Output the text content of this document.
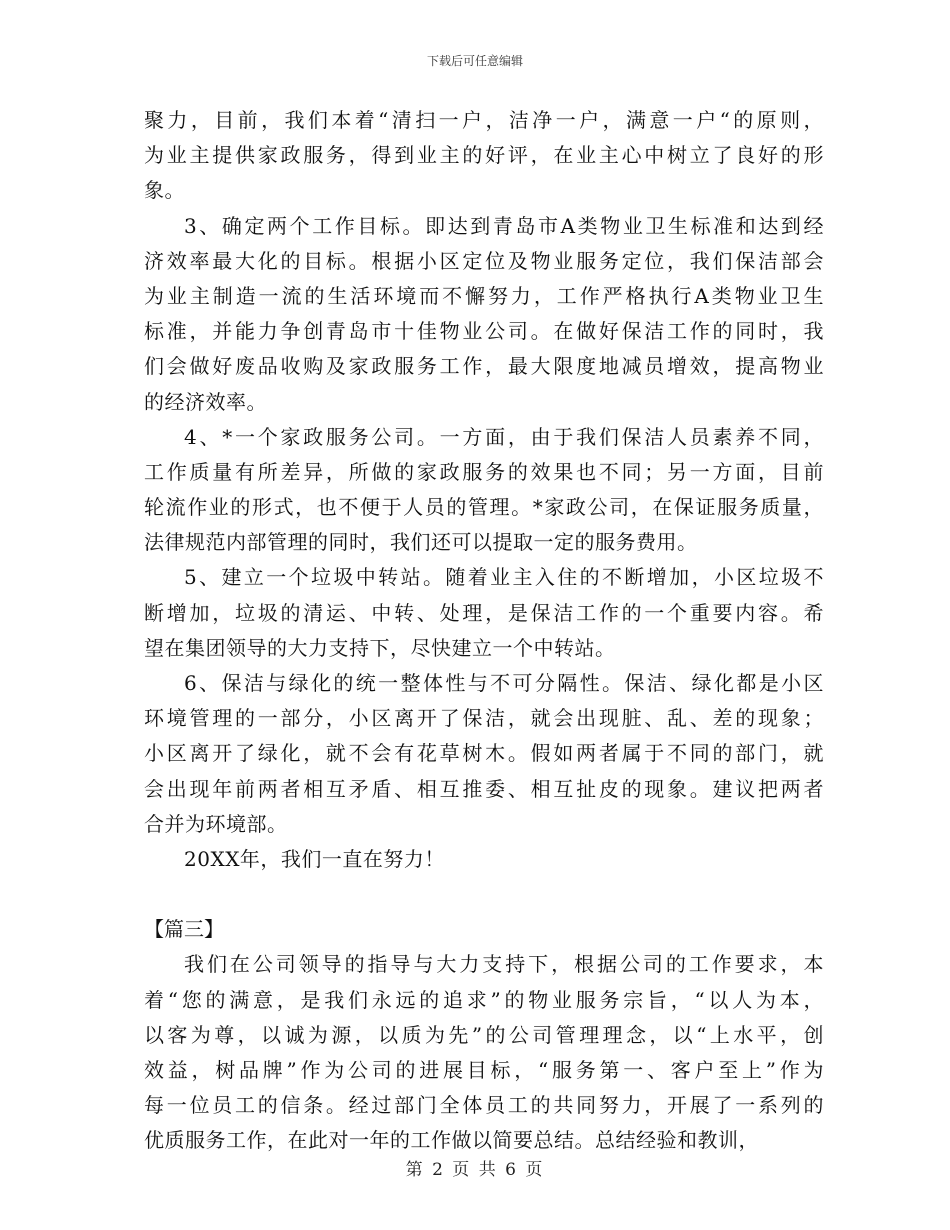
下载后可任意编辑
聚力，目前，我们本着“清扫一户，洁净一户，满意一户“的原则，
为业主提供家政服务，得到业主的好评，在业主心中树立了良好的形
象。
3、确定两个工作目标。即达到青岛市A类物业卫生标准和达到经
济效率最大化的目标。根据小区定位及物业服务定位，我们保洁部会
为业主制造一流的生活环境而不懈努力，工作严格执行A类物业卫生
标准，并能力争创青岛市十佳物业公司。在做好保洁工作的同时，我
们会做好废品收购及家政服务工作，最大限度地减员增效，提高物业
的经济效率。
4、*一个家政服务公司。一方面，由于我们保洁人员素养不同，
工作质量有所差异，所做的家政服务的效果也不同；另一方面，目前
轮流作业的形式，也不便于人员的管理。*家政公司，在保证服务质量，
法律规范内部管理的同时，我们还可以提取一定的服务费用。
5、建立一个垃圾中转站。随着业主入住的不断增加，小区垃圾不
断增加，垃圾的清运、中转、处理，是保洁工作的一个重要内容。希
望在集团领导的大力支持下，尽快建立一个中转站。
6、保洁与绿化的统一整体性与不可分隔性。保洁、绿化都是小区
环境管理的一部分，小区离开了保洁，就会出现脏、乱、差的现象；
小区离开了绿化，就不会有花草树木。假如两者属于不同的部门，就
会出现年前两者相互矛盾、相互推委、相互扯皮的现象。建议把两者
合并为环境部。
20XX年，我们一直在努力！
【篇三】
我们在公司领导的指导与大力支持下，根据公司的工作要求，本
着“您的满意，是我们永远的追求”的物业服务宗旨，“以人为本，
以客为尊，以诚为源，以质为先”的公司管理理念，以“上水平，创
效益，树品牌”作为公司的进展目标，“服务第一、客户至上”作为
每一位员工的信条。经过部门全体员工的共同努力，开展了一系列的
优质服务工作，在此对一年的工作做以简要总结。总结经验和教训，
第 2 页 共 6 页
